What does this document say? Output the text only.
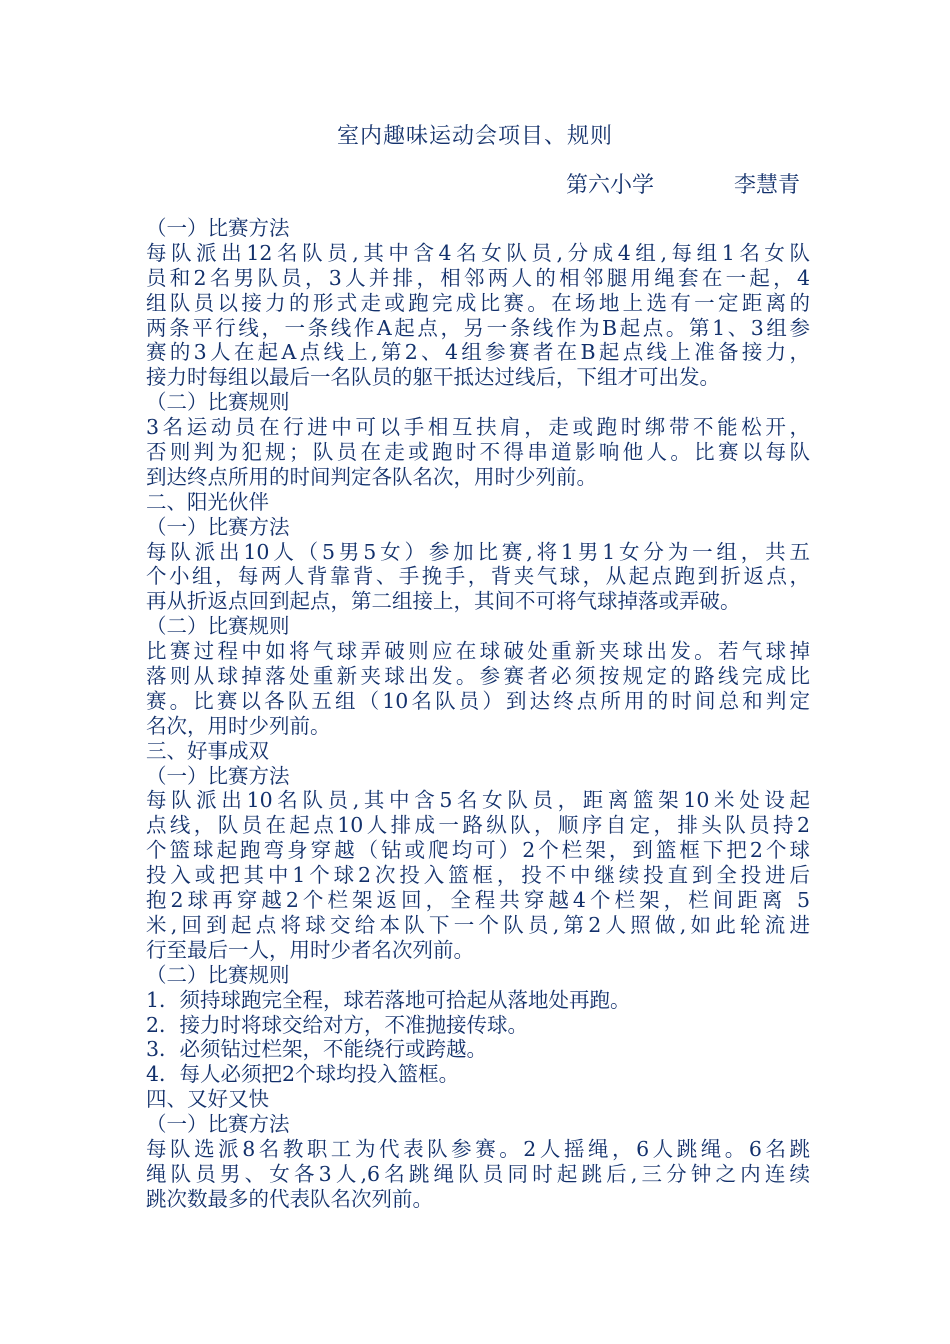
室内趣味运动会项目、规则
第六小学	李慧青
（一）比赛方法
每队派出12名队员,其中含4名女队员,分成4组,每组1名女队
员和2名男队员，3人并排，相邻两人的相邻腿用绳套在一起，4
组队员以接力的形式走或跑完成比赛。在场地上选有一定距离的
两条平行线，一条线作A起点，另一条线作为B起点。第1、3组参
赛的3人在起A点线上,第2、4组参赛者在B起点线上准备接力，
接力时每组以最后一名队员的躯干抵达过线后，下组才可出发。
（二）比赛规则
3名运动员在行进中可以手相互扶肩，走或跑时绑带不能松开，
否则判为犯规；队员在走或跑时不得串道影响他人。比赛以每队
到达终点所用的时间判定各队名次，用时少列前。
二、阳光伙伴
（一）比赛方法
每队派出10人（5男5女）参加比赛,将1男1女分为一组，共五
个小组，每两人背靠背、手挽手，背夹气球，从起点跑到折返点，
再从折返点回到起点，第二组接上，其间不可将气球掉落或弄破。
（二）比赛规则
比赛过程中如将气球弄破则应在球破处重新夹球出发。若气球掉
落则从球掉落处重新夹球出发。参赛者必须按规定的路线完成比
赛。比赛以各队五组（10名队员）到达终点所用的时间总和判定
名次，用时少列前。
三、好事成双
（一）比赛方法
每队派出10名队员,其中含5名女队员，距离篮架10米处设起
点线，队员在起点10人排成一路纵队，顺序自定，排头队员持2
个篮球起跑弯身穿越（钻或爬均可）2个栏架，到篮框下把2个球
投入或把其中1个球2次投入篮框，投不中继续投直到全投进后
抱2球再穿越2个栏架返回，全程共穿越4个栏架，栏间距离 5
米,回到起点将球交给本队下一个队员,第2人照做,如此轮流进
行至最后一人，用时少者名次列前。
（二）比赛规则
1．须持球跑完全程，球若落地可拾起从落地处再跑。
2．接力时将球交给对方，不准抛接传球。
3．必须钻过栏架，不能绕行或跨越。
4．每人必须把2个球均投入篮框。
四、又好又快
（一）比赛方法
每队选派8名教职工为代表队参赛。2人摇绳，6人跳绳。6名跳
绳队员男、女各3人,6名跳绳队员同时起跳后,三分钟之内连续
跳次数最多的代表队名次列前。
